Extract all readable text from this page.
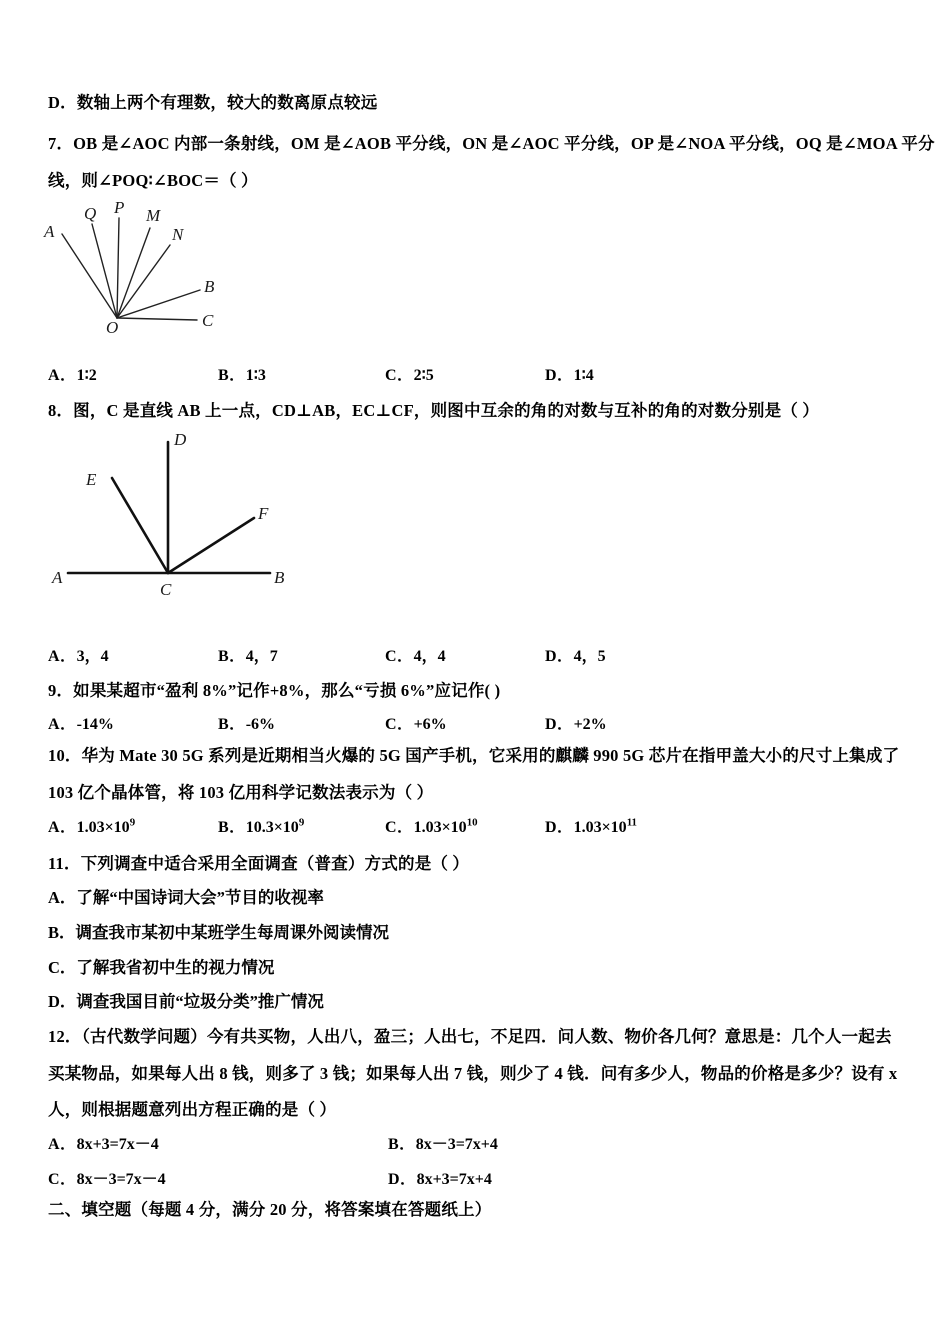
D．数轴上两个有理数，较大的数离原点较远
7．OB 是∠AOC 内部一条射线，OM 是∠AOB 平分线，ON 是∠AOC 平分线，OP 是∠NOA 平分线，OQ 是∠MOA 平分
线，则∠POQ∶∠BOC＝（ ）
A
Q P M
N
B
C
O
A．1∶2	B．1∶3	C．2∶5	D．1∶4
8．图，C 是直线 AB 上一点，CD⊥AB，EC⊥CF，则图中互余的角的对数与互补的角的对数分别是（ ）
A	B
C
D
E
F
A．3，4	B．4，7	C．4，4	D．4，5
9．如果某超市“盈利 8%”记作+8%，那么“亏损 6%”应记作( )
A．-14%	B．-6%	C．+6%	D．+2%
10．华为 Mate 30 5G 系列是近期相当火爆的 5G 国产手机，它采用的麒麟 990 5G 芯片在指甲盖大小的尺寸上集成了
103 亿个晶体管，将 103 亿用科学记数法表示为（ ）
A．$1.03\times 10^9$	B．$10.3\times 10^9$	C．$1.03\times 10^{10}$	D．$1.03\times 10^{11}$
11．下列调查中适合采用全面调查（普查）方式的是（ ）
A．了解“中国诗词大会”节目的收视率
B．调查我市某初中某班学生每周课外阅读情况
C．了解我省初中生的视力情况
D．调查我国目前“垃圾分类”推广情况
12．（古代数学问题）今有共买物，人出八，盈三；人出七，不足四．问人数、物价各几何？意思是：几个人一起去
买某物品，如果每人出 8 钱，则多了 3 钱；如果每人出 7 钱，则少了 4 钱．问有多少人，物品的价格是多少？设有 x
人，则根据题意列出方程正确的是（ ）
A．8x+3=7x－4	B．8x－3=7x+4
C．8x－3=7x－4	D．8x+3=7x+4
二、填空题（每题 4 分，满分 20 分，将答案填在答题纸上）
